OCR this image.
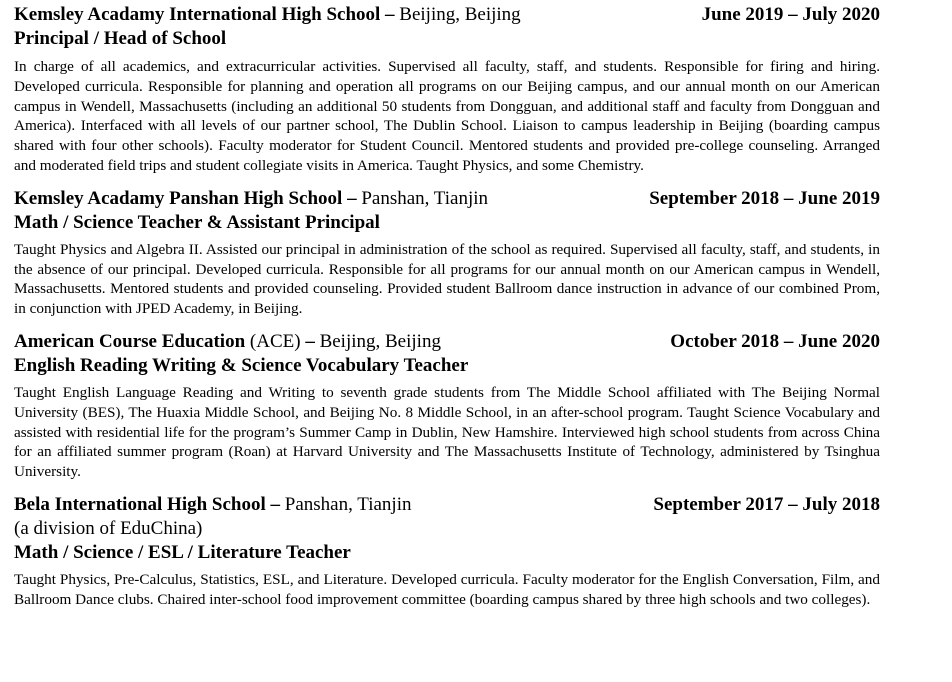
Kemsley Acadamy International High School – Beijing, Beijing	June 2019 – July 2020
Principal / Head of School
In charge of all academics, and extracurricular activities. Supervised all faculty, staff, and students. Responsible for firing and hiring. Developed curricula. Responsible for planning and operation all programs on our Beijing campus, and our annual month on our American campus in Wendell, Massachusetts (including an additional 50 students from Dongguan, and additional staff and faculty from Dongguan and America). Interfaced with all levels of our partner school, The Dublin School. Liaison to campus leadership in Beijing (boarding campus shared with four other schools). Faculty moderator for Student Council. Mentored students and provided pre-college counseling. Arranged and moderated field trips and student collegiate visits in America. Taught Physics, and some Chemistry.
Kemsley Acadamy Panshan High School – Panshan, Tianjin	September 2018 – June 2019
Math / Science Teacher & Assistant Principal
Taught Physics and Algebra II. Assisted our principal in administration of the school as required. Supervised all faculty, staff, and students, in the absence of our principal. Developed curricula. Responsible for all programs for our annual month on our American campus in Wendell, Massachusetts. Mentored students and provided counseling. Provided student Ballroom dance instruction in advance of our combined Prom, in conjunction with JPED Academy, in Beijing.
American Course Education (ACE) – Beijing, Beijing	October 2018 – June 2020
English Reading Writing & Science Vocabulary Teacher
Taught English Language Reading and Writing to seventh grade students from The Middle School affiliated with The Beijing Normal University (BES), The Huaxia Middle School, and Beijing No. 8 Middle School, in an after-school program. Taught Science Vocabulary and assisted with residential life for the program’s Summer Camp in Dublin, New Hamshire. Interviewed high school students from across China for an affiliated summer program (Roan) at Harvard University and The Massachusetts Institute of Technology, administered by Tsinghua University.
Bela International High School – Panshan, Tianjin	September 2017 – July 2018
(a division of EduChina)
Math / Science / ESL / Literature Teacher
Taught Physics, Pre-Calculus, Statistics, ESL, and Literature. Developed curricula. Faculty moderator for the English Conversation, Film, and Ballroom Dance clubs. Chaired inter-school food improvement committee (boarding campus shared by three high schools and two colleges).
